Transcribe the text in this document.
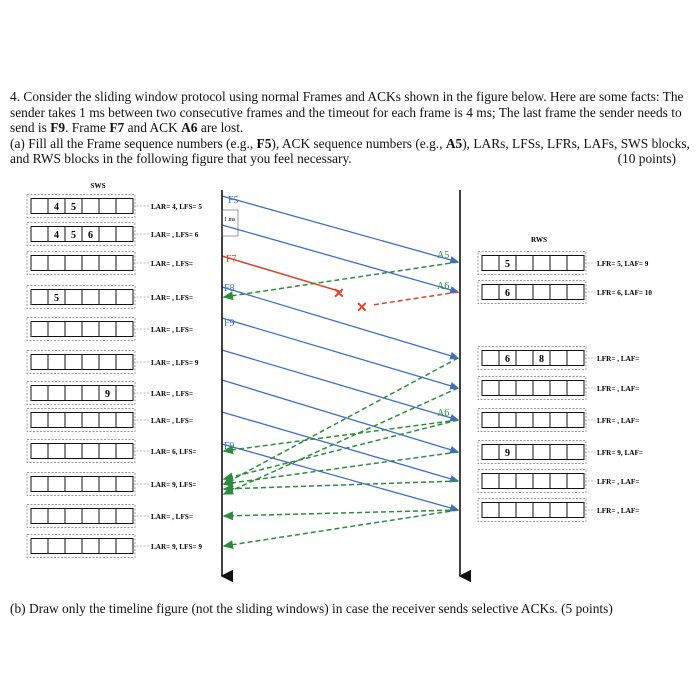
4. Consider the sliding window protocol using normal Frames and ACKs shown in the figure below. Here are some facts: The sender takes 1 ms between two consecutive frames and the timeout for each frame is 4 ms; The last frame the sender needs to send is F9. Frame F7 and ACK A6 are lost.

(a) Fill all the Frame sequence numbers (e.g., F5), ACK sequence numbers (e.g., A5), LARs, LFSs, LFRs, LAFs, SWS blocks, and RWS blocks in the following figure that you feel necessary.	(10 points)

SWS
RWS
4 5	LAR= 4, LFS= 5
4 5 6	LAR= , LFS= 6
LAR= , LFS=
5	LAR= , LFS=
LAR= , LFS=
LAR= , LFS= 9
9	LAR= , LFS=
LAR= , LFS=
LAR= 6, LFS=
LAR= 9, LFS=
LAR= , LFS=
LAR= 9, LFS= 9
5	LFR= 5, LAF= 9
6	LFR= 6, LAF= 10
6	8	LFR= , LAF=
LFR= , LAF=
LFR= , LAF=
9	LFR= 9, LAF=
LFR= , LAF=
LFR= , LAF=
✕
✕
F5
F7
F8
F9
F9
A5
A6
A6
1 ms

(b) Draw only the timeline figure (not the sliding windows) in case the receiver sends selective ACKs. (5 points)
